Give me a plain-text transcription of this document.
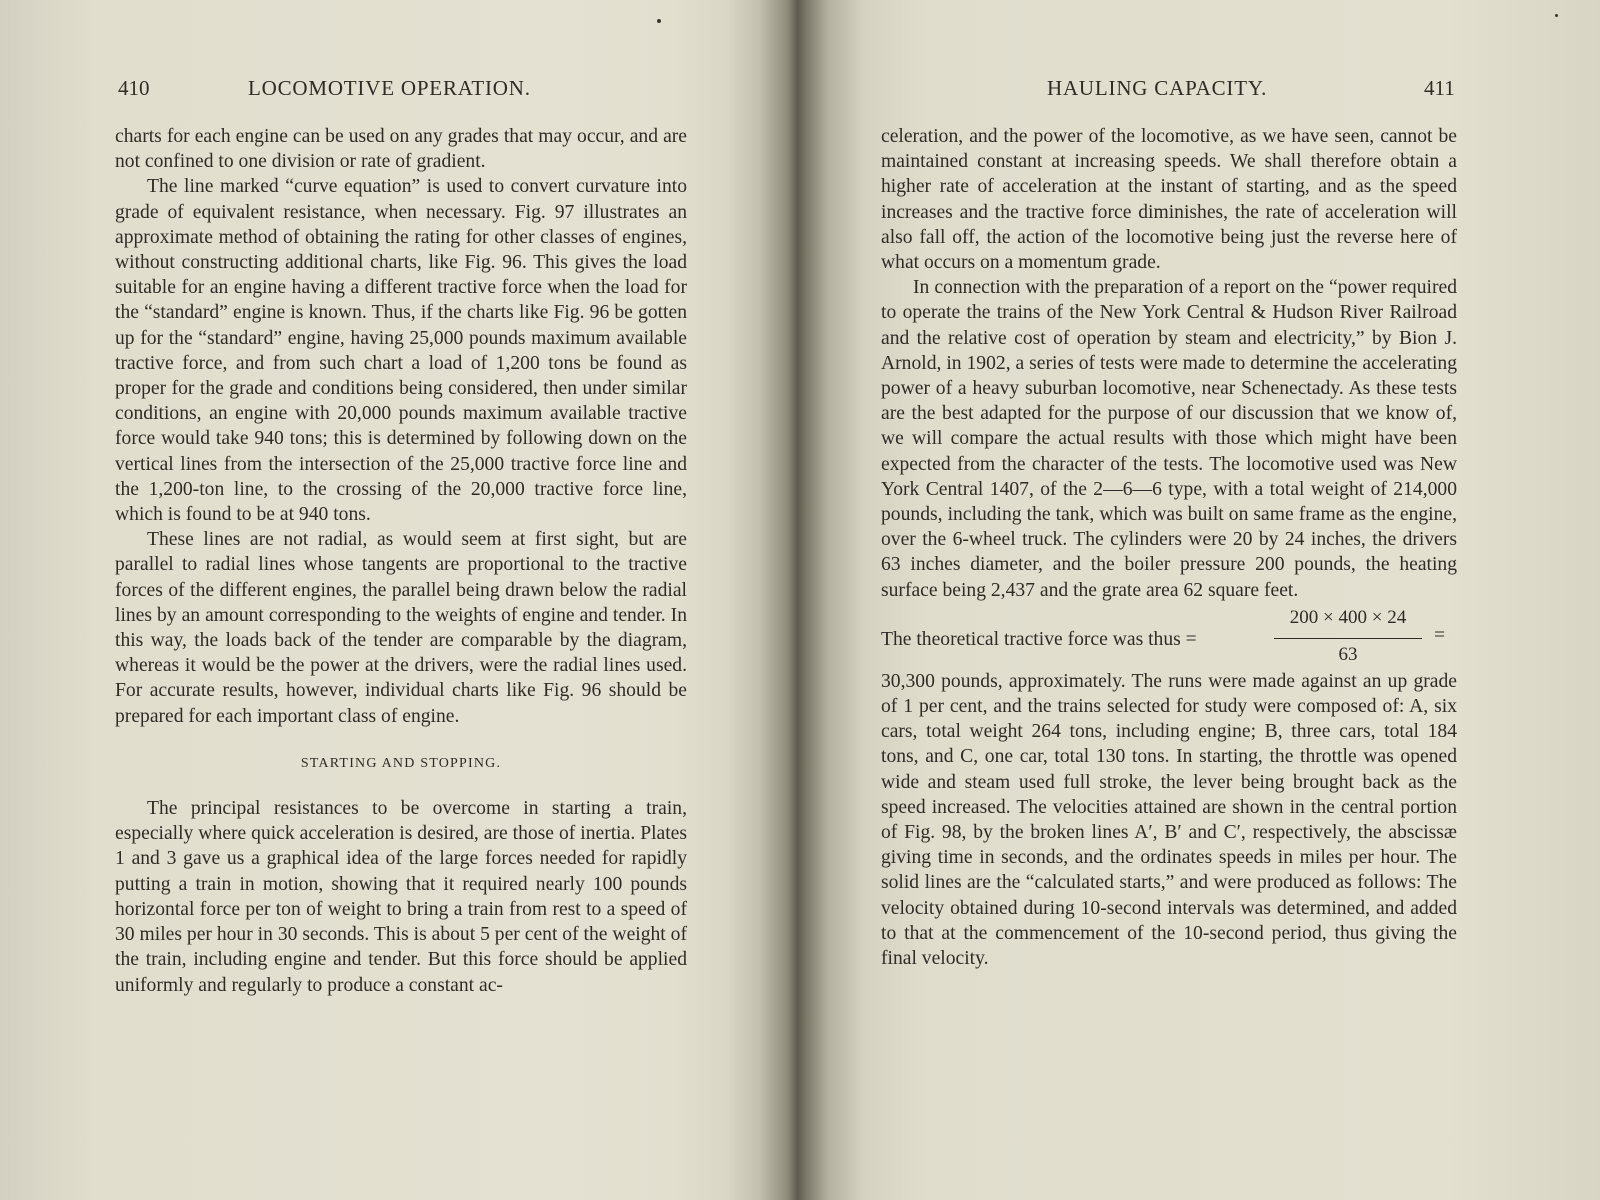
410	LOCOMOTIVE OPERATION.

charts for each engine can be used on any grades that may occur, and are not confined to one division or rate of gradient.

The line marked “curve equation” is used to convert curvature into grade of equivalent resistance, when necessary. Fig. 97 illustrates an approximate method of obtaining the rating for other classes of engines, without constructing additional charts, like Fig. 96. This gives the load suitable for an engine having a different tractive force when the load for the “standard” engine is known. Thus, if the charts like Fig. 96 be gotten up for the “standard” engine, having 25,000 pounds maximum available tractive force, and from such chart a load of 1,200 tons be found as proper for the grade and conditions being considered, then under similar conditions, an engine with 20,000 pounds maximum available tractive force would take 940 tons; this is determined by following down on the vertical lines from the intersection of the 25,000 tractive force line and the 1,200-ton line, to the crossing of the 20,000 tractive force line, which is found to be at 940 tons.

These lines are not radial, as would seem at first sight, but are parallel to radial lines whose tangents are proportional to the tractive forces of the different engines, the parallel being drawn below the radial lines by an amount corresponding to the weights of engine and tender. In this way, the loads back of the tender are comparable by the diagram, whereas it would be the power at the drivers, were the radial lines used. For accurate results, however, individual charts like Fig. 96 should be prepared for each important class of engine.

STARTING AND STOPPING.

The principal resistances to be overcome in starting a train, especially where quick acceleration is desired, are those of inertia. Plates 1 and 3 gave us a graphical idea of the large forces needed for rapidly putting a train in motion, showing that it required nearly 100 pounds horizontal force per ton of weight to bring a train from rest to a speed of 30 miles per hour in 30 seconds. This is about 5 per cent of the weight of the train, including engine and tender. But this force should be applied uniformly and regularly to produce a constant ac-

HAULING CAPACITY.	411

celeration, and the power of the locomotive, as we have seen, cannot be maintained constant at increasing speeds. We shall therefore obtain a higher rate of acceleration at the instant of starting, and as the speed increases and the tractive force diminishes, the rate of acceleration will also fall off, the action of the locomotive being just the reverse here of what occurs on a momentum grade.

In connection with the preparation of a report on the “power required to operate the trains of the New York Central & Hudson River Railroad and the relative cost of operation by steam and electricity,” by Bion J. Arnold, in 1902, a series of tests were made to determine the accelerating power of a heavy suburban locomotive, near Schenectady. As these tests are the best adapted for the purpose of our discussion that we know of, we will compare the actual results with those which might have been expected from the character of the tests. The locomotive used was New York Central 1407, of the 2—6—6 type, with a total weight of 214,000 pounds, including the tank, which was built on same frame as the engine, over the 6-wheel truck. The cylinders were 20 by 24 inches, the drivers 63 inches diameter, and the boiler pressure 200 pounds, the heating surface being 2,437 and the grate area 62 square feet.

The theoretical tractive force was thus =
200 × 400 × 24
63
=

30,300 pounds, approximately. The runs were made against an up grade of 1 per cent, and the trains selected for study were composed of: A, six cars, total weight 264 tons, including engine; B, three cars, total 184 tons, and C, one car, total 130 tons. In starting, the throttle was opened wide and steam used full stroke, the lever being brought back as the speed increased. The velocities attained are shown in the central portion of Fig. 98, by the broken lines A′, B′ and C′, respectively, the abscissæ giving time in seconds, and the ordinates speeds in miles per hour. The solid lines are the “calculated starts,” and were produced as follows: The velocity obtained during 10-second intervals was determined, and added to that at the commencement of the 10-second period, thus giving the final velocity.
